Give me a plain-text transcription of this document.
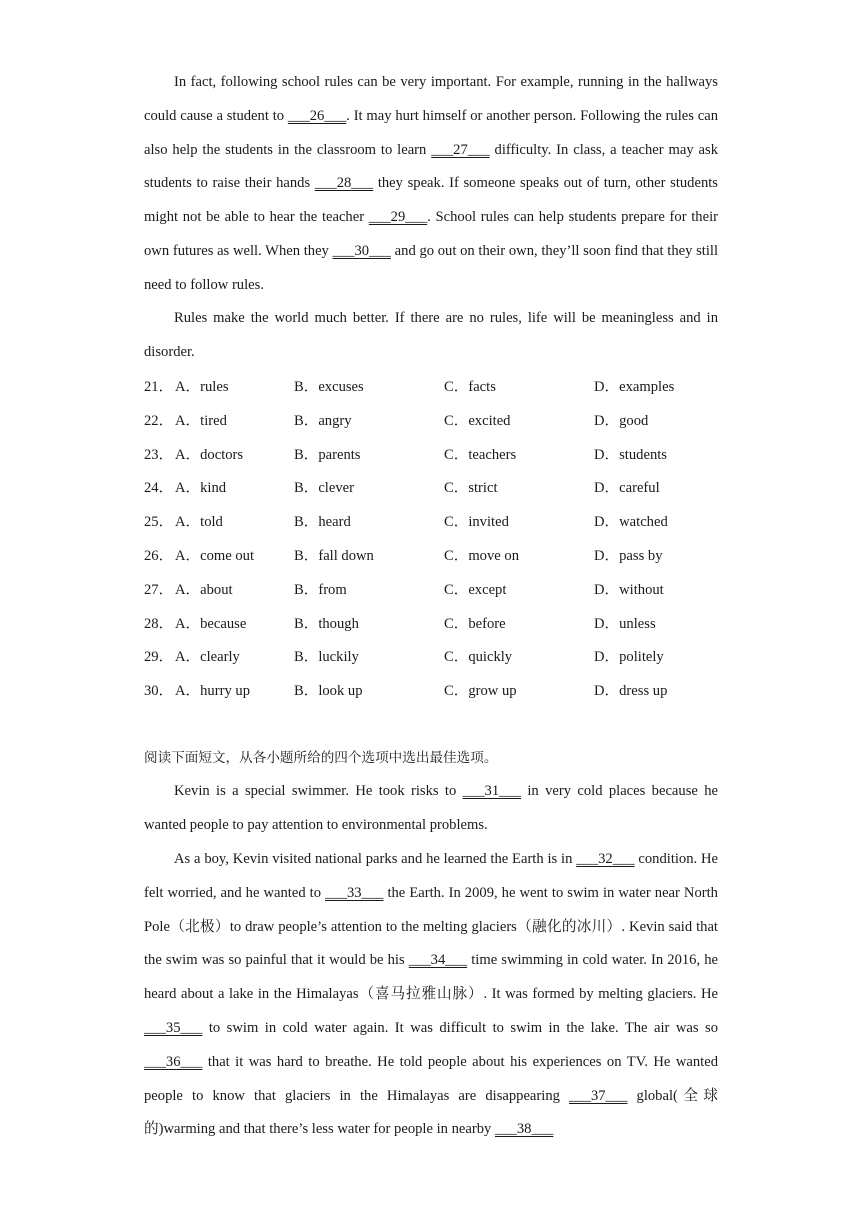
In fact, following school rules can be very important. For example, running in the hallways could cause a student to ___26___. It may hurt himself or another person. Following the rules can also help the students in the classroom to learn ___27___ difficulty. In class, a teacher may ask students to raise their hands ___28___ they speak. If someone speaks out of turn, other students might not be able to hear the teacher ___29___. School rules can help students prepare for their own futures as well. When they ___30___ and go out on their own, they’ll soon find that they still need to follow rules.

Rules make the world much better. If there are no rules, life will be meaningless and in disorder.

21． A．rules	B．excuses	C．facts	D．examples
22． A．tired	B．angry	C．excited	D．good
23． A．doctors	B．parents	C．teachers	D．students
24． A．kind	B．clever	C．strict	D．careful
25． A．told	B．heard	C．invited	D．watched
26． A．come out	B．fall down	C．move on	D．pass by
27． A．about	B．from	C．except	D．without
28． A．because	B．though	C．before	D．unless
29． A．clearly	B．luckily	C．quickly	D．politely
30． A．hurry up	B．look up	C．grow up	D．dress up
阅读下面短文，从各小题所给的四个选项中选出最佳选项。

Kevin is a special swimmer. He took risks to ___31___ in very cold places because he wanted people to pay attention to environmental problems.

As a boy, Kevin visited national parks and he learned the Earth is in ___32___ condition. He felt worried, and he wanted to ___33___ the Earth. In 2009, he went to swim in water near North Pole（北极）to draw people’s attention to the melting glaciers（融化的冰川）. Kevin said that the swim was so painful that it would be his ___34___ time swimming in cold water. In 2016, he heard about a lake in the Himalayas（喜马拉雅山脉）. It was formed by melting glaciers. He ___35___ to swim in cold water again. It was difficult to swim in the lake. The air was so ___36___ that it was hard to breathe. He told people about his experiences on TV. He wanted people to know that glaciers in the Himalayas are disappearing ___37___ global(全球的)warming and that there’s less water for people in nearby ___38___
